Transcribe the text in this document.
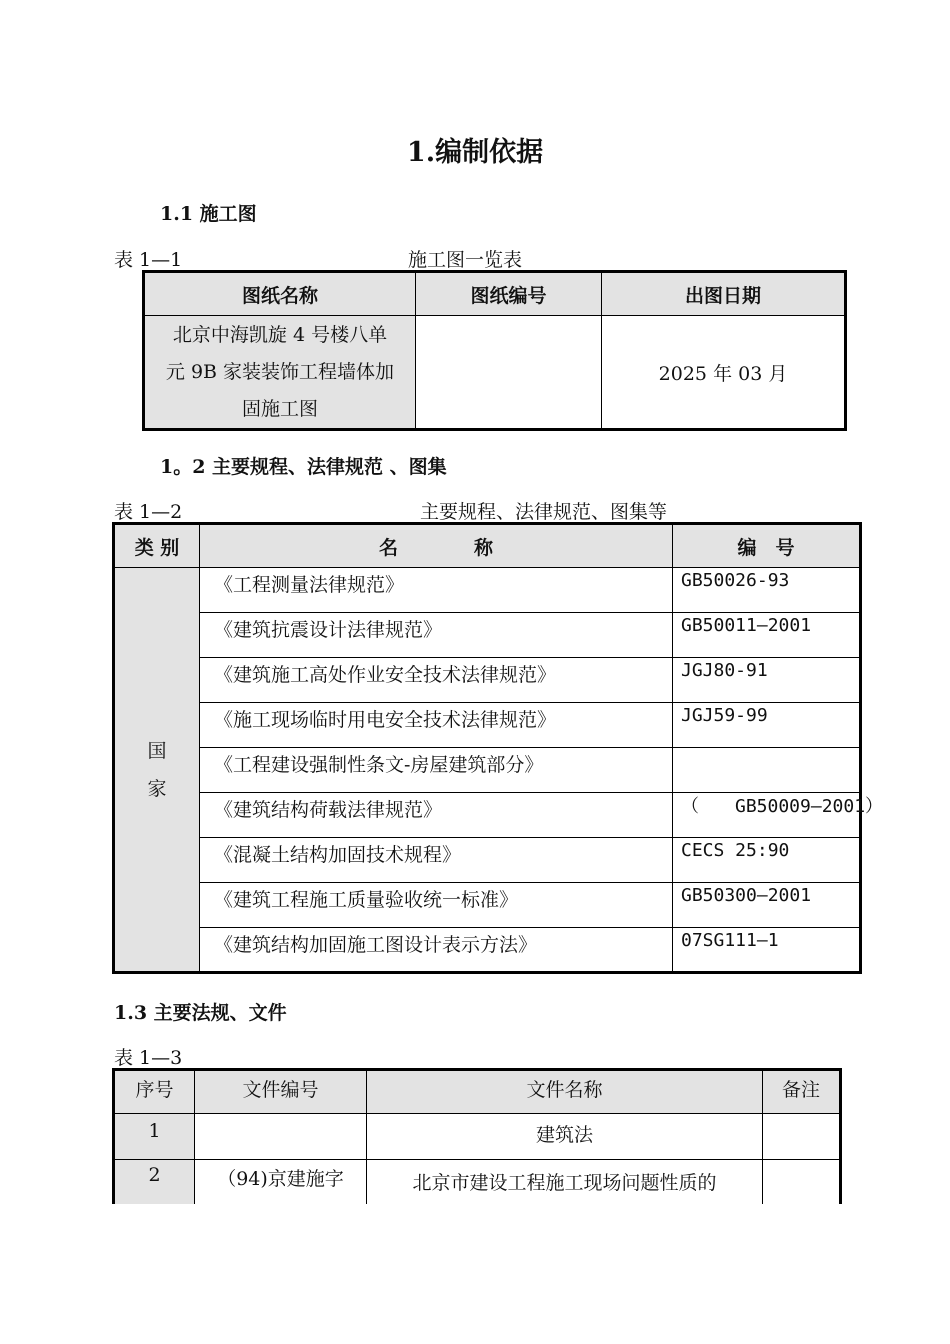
1.编制依据
1.1 施工图
表 1—1	施工图一览表
图纸名称	图纸编号	出图日期

北京中海凯旋 4 号楼八单
元 9B 家装装饰工程墙体加
固施工图		2025 年 03 月
1。2 主要规程、法律规范 、图集
表 1—2	主要规程、法律规范、图集等
类 别	名　　　　称	编　号

国
家	《工程测量法律规范》	GB50026-93
	《建筑抗震设计法律规范》	GB50011—2001
	《建筑施工高处作业安全技术法律规范》	JGJ80-91
	《施工现场临时用电安全技术法律规范》	JGJ59-99
	《工程建设强制性条文-房屋建筑部分》	
	《建筑结构荷载法律规范》	（　　GB50009—2001）

	《混凝土结构加固技术规程》	CECS 25:90
	《建筑工程施工质量验收统一标准》	GB50300—2001
	《建筑结构加固施工图设计表示方法》	07SG111—1
1.3 主要法规、文件
表 1—3
序号	文件编号	文件名称	备注
1		建筑法	
2	（94)京建施字	北京市建设工程施工现场问题性质的	
